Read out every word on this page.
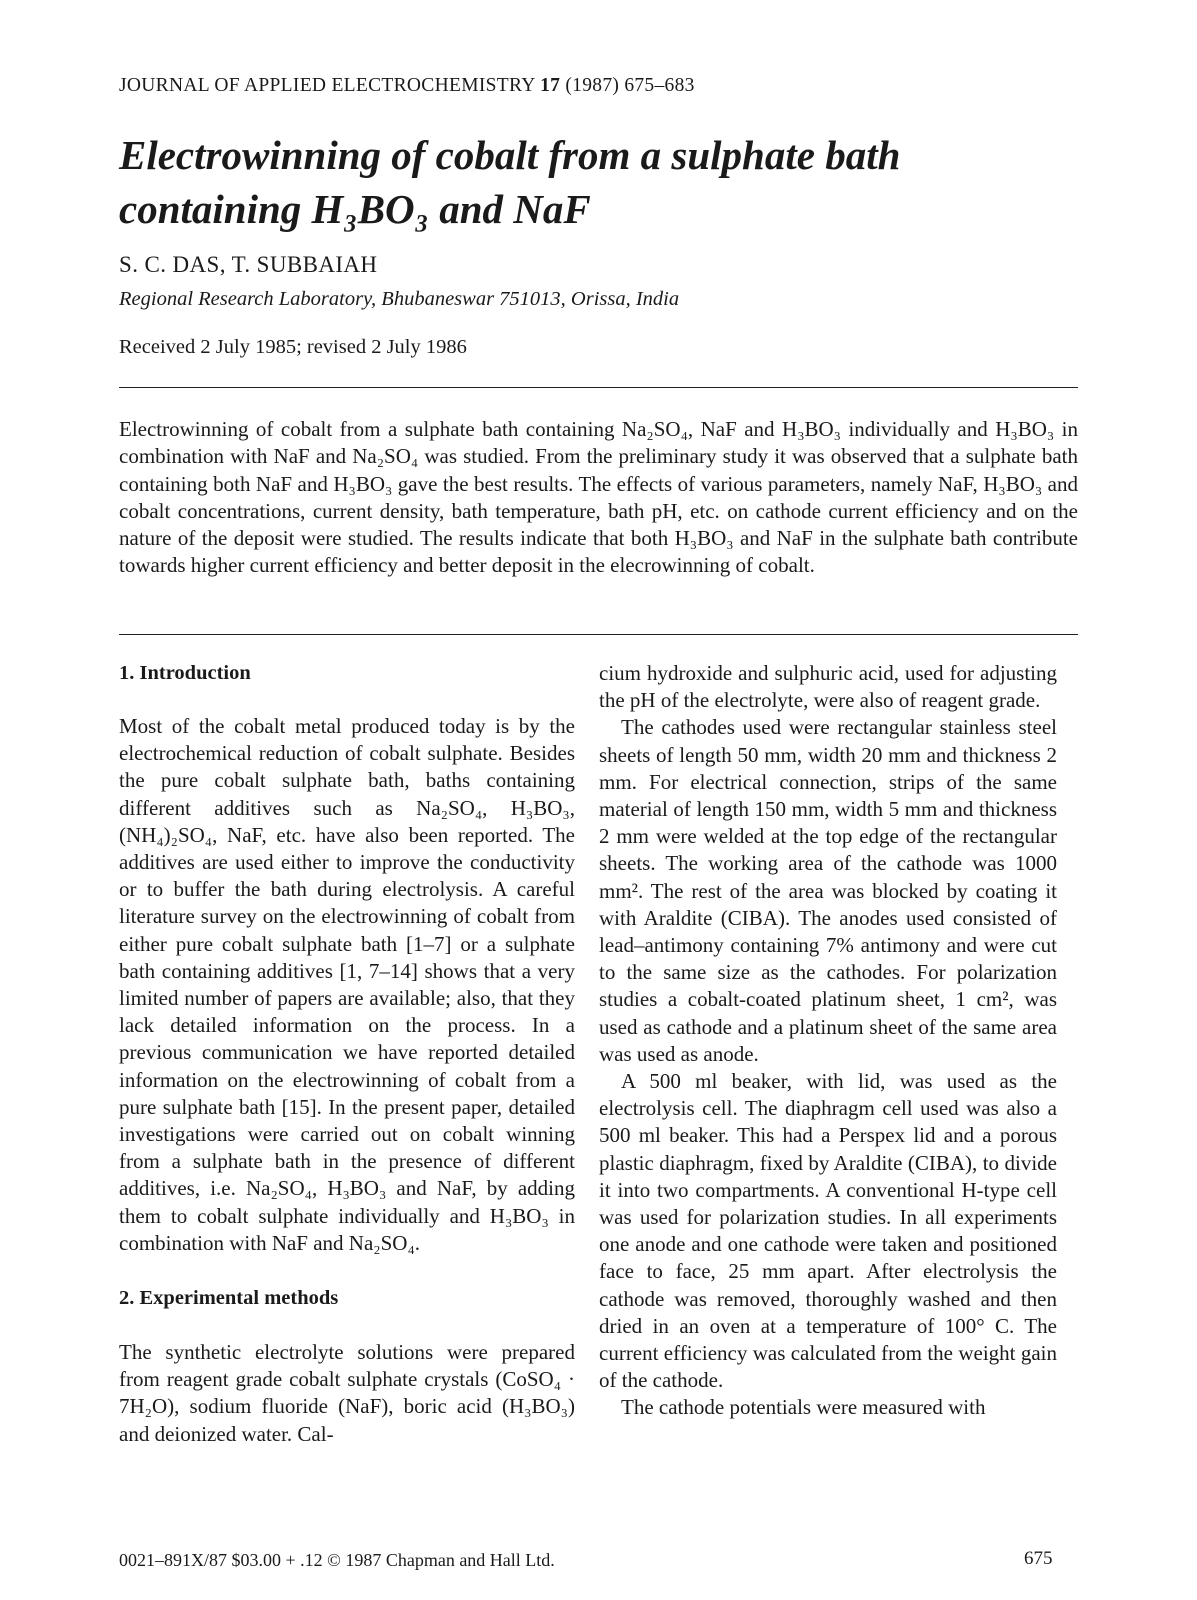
JOURNAL OF APPLIED ELECTROCHEMISTRY 17 (1987) 675–683
Electrowinning of cobalt from a sulphate bath
containing H₃BO₃ and NaF
S. C. DAS, T. SUBBAIAH
Regional Research Laboratory, Bhubaneswar 751013, Orissa, India
Received 2 July 1985; revised 2 July 1986

Electrowinning of cobalt from a sulphate bath containing Na₂SO₄, NaF and H₃BO₃ individually and H₃BO₃ in combination with NaF and Na₂SO₄ was studied. From the preliminary study it was observed that a sulphate bath containing both NaF and H₃BO₃ gave the best results. The effects of various parameters, namely NaF, H₃BO₃ and cobalt concentrations, current density, bath temperature, bath pH, etc. on cathode current efficiency and on the nature of the deposit were studied. The results indicate that both H₃BO₃ and NaF in the sulphate bath contribute towards higher current efficiency and better deposit in the elecrowinning of cobalt.

1. Introduction

Most of the cobalt metal produced today is by the electrochemical reduction of cobalt sulphate. Besides the pure cobalt sulphate bath, baths containing different additives such as Na₂SO₄, H₃BO₃, (NH₄)₂SO₄, NaF, etc. have also been reported. The additives are used either to improve the conductivity or to buffer the bath during electrolysis. A careful literature survey on the electrowinning of cobalt from either pure cobalt sulphate bath [1–7] or a sulphate bath containing additives [1, 7–14] shows that a very limited number of papers are available; also, that they lack detailed information on the process. In a previous communication we have reported detailed information on the electrowinning of cobalt from a pure sulphate bath [15]. In the present paper, detailed investigations were carried out on cobalt winning from a sulphate bath in the presence of different additives, i.e. Na₂SO₄, H₃BO₃ and NaF, by adding them to cobalt sulphate individually and H₃BO₃ in combination with NaF and Na₂SO₄.

2. Experimental methods

The synthetic electrolyte solutions were prepared from reagent grade cobalt sulphate crystals (CoSO₄ · 7H₂O), sodium fluoride (NaF), boric acid (H₃BO₃) and deionized water. Cal-

cium hydroxide and sulphuric acid, used for adjusting the pH of the electrolyte, were also of reagent grade.

The cathodes used were rectangular stainless steel sheets of length 50 mm, width 20 mm and thickness 2 mm. For electrical connection, strips of the same material of length 150 mm, width 5 mm and thickness 2 mm were welded at the top edge of the rectangular sheets. The working area of the cathode was 1000 mm². The rest of the area was blocked by coating it with Araldite (CIBA). The anodes used consisted of lead–antimony containing 7% antimony and were cut to the same size as the cathodes. For polarization studies a cobalt-coated platinum sheet, 1 cm², was used as cathode and a platinum sheet of the same area was used as anode.

A 500 ml beaker, with lid, was used as the electrolysis cell. The diaphragm cell used was also a 500 ml beaker. This had a Perspex lid and a porous plastic diaphragm, fixed by Araldite (CIBA), to divide it into two compartments. A conventional H-type cell was used for polarization studies. In all experiments one anode and one cathode were taken and positioned face to face, 25 mm apart. After electrolysis the cathode was removed, thoroughly washed and then dried in an oven at a temperature of 100° C. The current efficiency was calculated from the weight gain of the cathode.

The cathode potentials were measured with

0021–891X/87 $03.00 + .12 © 1987 Chapman and Hall Ltd.	675
